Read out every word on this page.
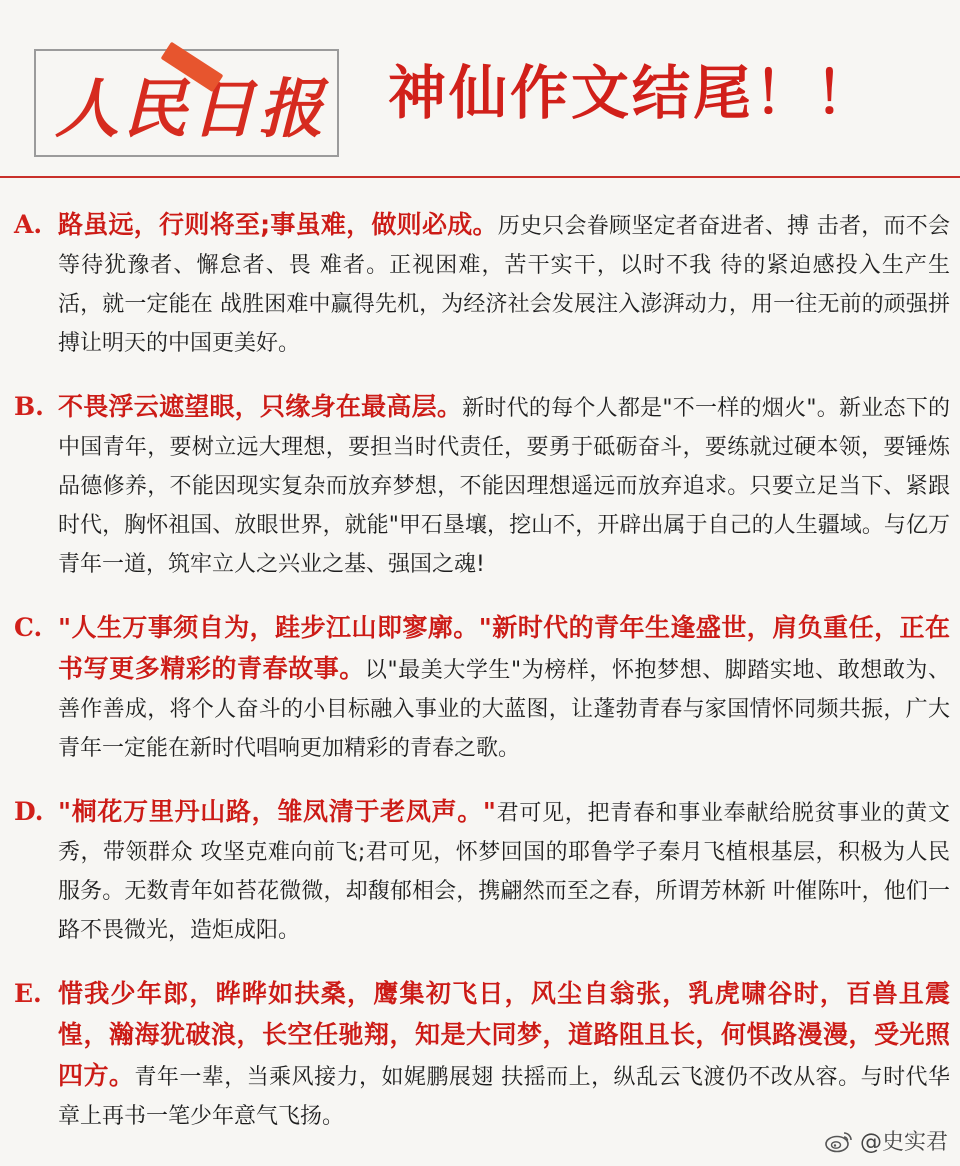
人民日报 神仙作文结尾！！
A. 路虽远，行则将至;事虽难，做则必成。历史只会眷顾坚定者奋进者、搏 击者，而不会等待犹豫者、懈怠者、畏 难者。正视困难，苦干实干，以时不我 待的紧迫感投入生产生活，就一定能在 战胜困难中赢得先机，为经济社会发展注入澎湃动力，用一往无前的顽强拼搏让明天的中国更美好。
B. 不畏浮云遮望眼，只缘身在最高层。新时代的每个人都是"不一样的烟火"。新业态下的中国青年，要树立远大理想，要担当时代责任，要勇于砥砺奋斗，要练就过硬本领，要锤炼品德修养，不能因现实复杂而放弃梦想，不能因理想遥远而放弃追求。只要立足当下、紧跟时代，胸怀祖国、放眼世界，就能"甲石垦壤，挖山不，开辟出属于自己的人生疆域。与亿万青年一道，筑牢立人之兴业之基、强国之魂!
C. "人生万事须自为，跬步江山即寥廓。"新时代的青年生逢盛世，肩负重任，正在书写更多精彩的青春故事。以"最美大学生"为榜样，怀抱梦想、脚踏实地、敢想敢为、善作善成，将个人奋斗的小目标融入事业的大蓝图，让蓬勃青春与家国情怀同频共振，广大青年一定能在新时代唱响更加精彩的青春之歌。
D. "桐花万里丹山路，雏凤清于老凤声。"君可见，把青春和事业奉献给脱贫事业的黄文秀，带领群众 攻坚克难向前飞;君可见，怀梦回国的耶鲁学子秦月飞植根基层，积极为人民服务。无数青年如苔花微微，却馥郁相会，携翩然而至之春，所谓芳林新 叶催陈叶，他们一路不畏微光，造炬成阳。
E. 惜我少年郎，晔晔如扶桑，鹰集初飞日，风尘自翁张，乳虎啸谷时，百兽且震惶，瀚海犹破浪，长空任驰翔，知是大同梦，道路阻且长，何惧路漫漫，受光照四方。青年一辈，当乘风接力，如娓鹏展翅 扶摇而上，纵乱云飞渡仍不改从容。与时代华章上再书一笔少年意气飞扬。
@史实君
